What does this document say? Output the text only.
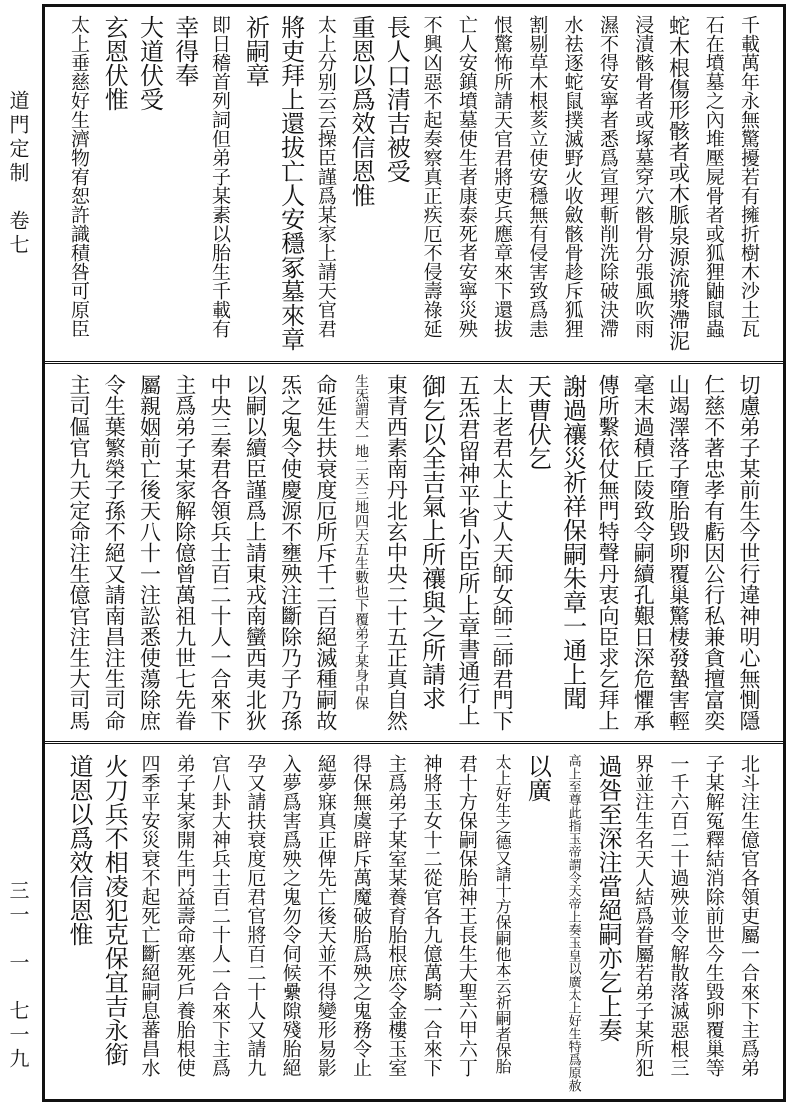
道門定制　卷七
三一　一　七一九
千載萬年永無驚擾若有擁折樹木沙土瓦
石在墳墓之內堆壓屍骨者或狐狸鼬鼠蟲
蛇木根傷形骸者或木脈泉源流漿滯泥
浸漬骸骨者或塚墓穿穴骸骨分張風吹雨
濕不得安寧者悉爲宣理斬削洗除破決滯
水祛逐蛇鼠撲滅野火收斂骸骨趁斥狐狸
割剔草木根荄立使安穩無有侵害致爲恚
恨驚怖所請天官君將吏兵應章來下還拔
亡人安鎮墳墓使生者康泰死者安寧災殃
不興凶惡不起奏察真正疾厄不侵壽祿延
長人口清吉被受
重恩以爲效信恩惟
太上分别云云操臣謹爲某家上請天官君
將吏拜上還拔亡人安穩冢墓來章
祈嗣章
即日稽首列詞但弟子某素以胎生千載有
幸得奉
大道伏受
玄恩伏惟
太上垂慈好生濟物宥恕許識積咎可原臣
切慮弟子某前生今世行違神明心無惻隱
仁慈不著忠孝有虧因公行私兼貪擅富奕
山竭澤落子墮胎毀卵覆巢驚棲發蟄害輕
毫末過積丘陵致令嗣續孔艱日深危懼承
傳所繫依仗無門特聲丹衷向臣求乞拜上
謝過禳災祈祥保嗣朱章一通上聞
天曹伏乞
太上老君太上丈人天師女師三師君門下
五炁君留神平省小臣所上章書通行上
御乞以全吉氣上所禳與之所請求
東青西素南丹北玄中央二十五正真自然
生炁謂天一地二天三地四天五生數也下覆弟子某身中保
命延生扶衰度厄所斥千二百絕滅種嗣故
炁之鬼令使慶源不壅殃注斷除乃子乃孫
以嗣以續臣謹爲上請東戎南蠻西夷北狄
中央三秦君各領兵士百二十人一合來下
主爲弟子某家解除億曾萬祖九世七先眷
屬親姻前亡後天八十一注訟悉使蕩除庶
令生葉繁榮子孫不絕又請南昌注生司命
主司傴官九天定命注生億官注生大司馬
北斗注生億官各領吏屬一合來下主爲弟
子某解冤釋結消除前世今生毀卵覆巢等
一千六百二十過殃並令解散落滅惡根三
界並注生名天人結爲眷屬若弟子某所犯
過咎至深注當絕嗣亦乞上奏
高上至尊此指玉帝謂令天帝上奏玉皇以廣太上好生特爲原赦
以廣
太上好生之德又請十方保嗣他本云祈嗣者保胎
君十方保嗣保胎神王長生大聖六甲六丁
神將玉女十二從官各九億萬騎一合來下
主爲弟子某室某養育胎根庶令金樓玉室
得保無虞辟斥萬魔破胎爲殃之鬼務令止
絕夢寐真正俾先亡後天並不得變形易影
入夢爲害爲殃之鬼勿令伺候纍隙殘胎絕
孕又請扶衰度厄君官將百二十人又請九
宫八卦大神兵士百二十人一合來下主爲
弟子某家開生門益壽命塞死戶養胎根使
四季平安災衰不起死亡斷絕嗣息蕃昌水
火刀兵不相凌犯克保宜吉永銜
道恩以爲效信恩惟
